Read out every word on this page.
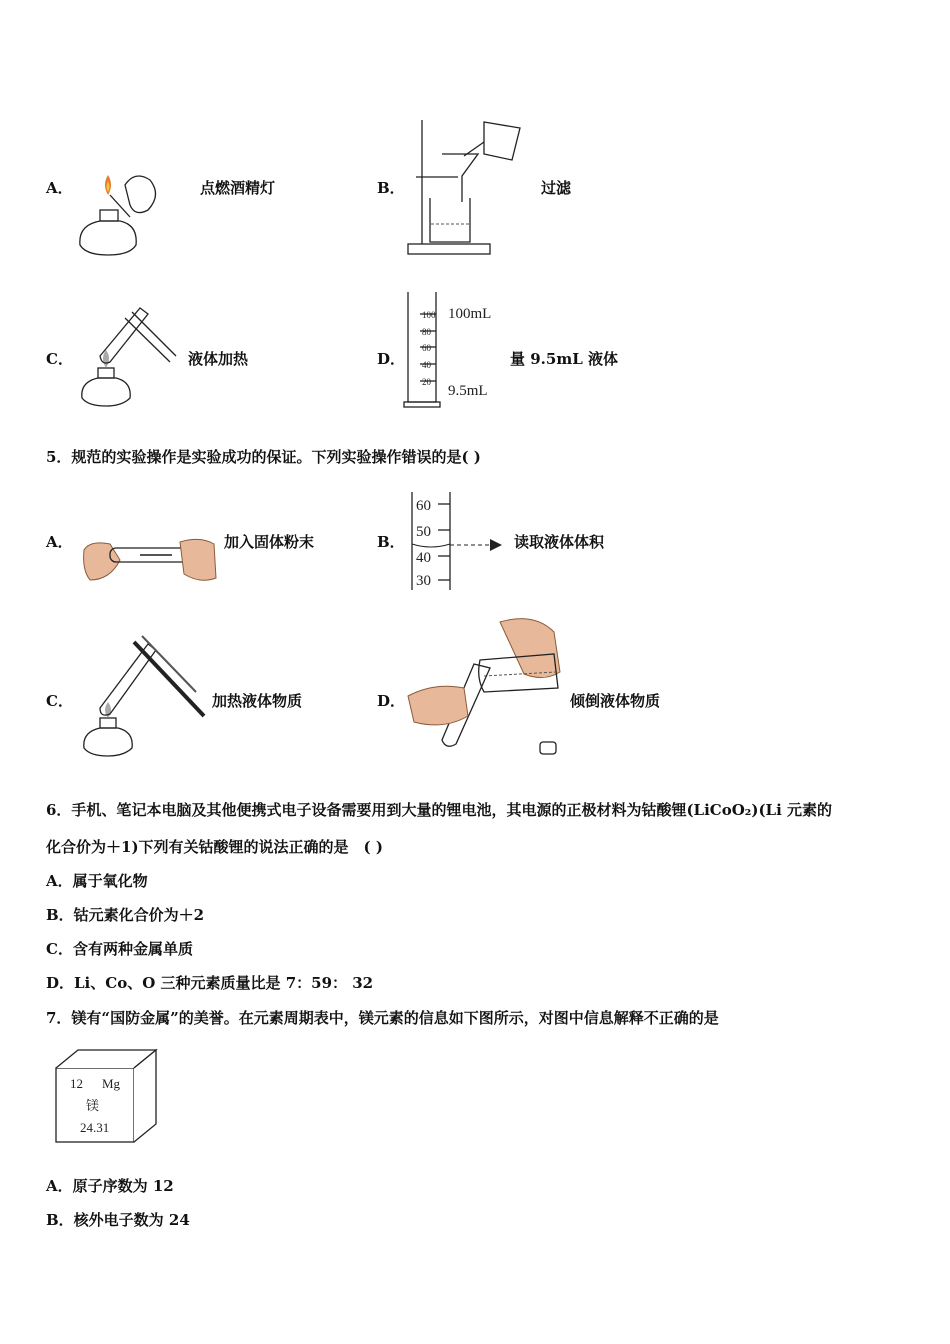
A．	点燃酒精灯	B．	过滤
C．	液体加热	D．
100
80
60
40
20
100mL
9.5mL
量 9.5mL 液体
5．规范的实验操作是实验成功的保证。下列实验操作错误的是( )
A．	加入固体粉末	B．
60
50
40
30
读取液体体积
C．	加热液体物质	D．	倾倒液体物质
6．手机、笔记本电脑及其他便携式电子设备需要用到大量的锂电池，其电源的正极材料为钴酸锂(LiCoO₂)(Li 元素的
化合价为＋1)下列有关钴酸锂的说法正确的是　( )
A．属于氧化物
B．钴元素化合价为＋2
C．含有两种金属单质
D．Li、Co、O 三种元素质量比是 7：59： 32
7．镁有“国防金属”的美誉。在元素周期表中，镁元素的信息如下图所示，对图中信息解释不正确的是
12 Mg
镁
24.31
A．原子序数为 12
B．核外电子数为 24
